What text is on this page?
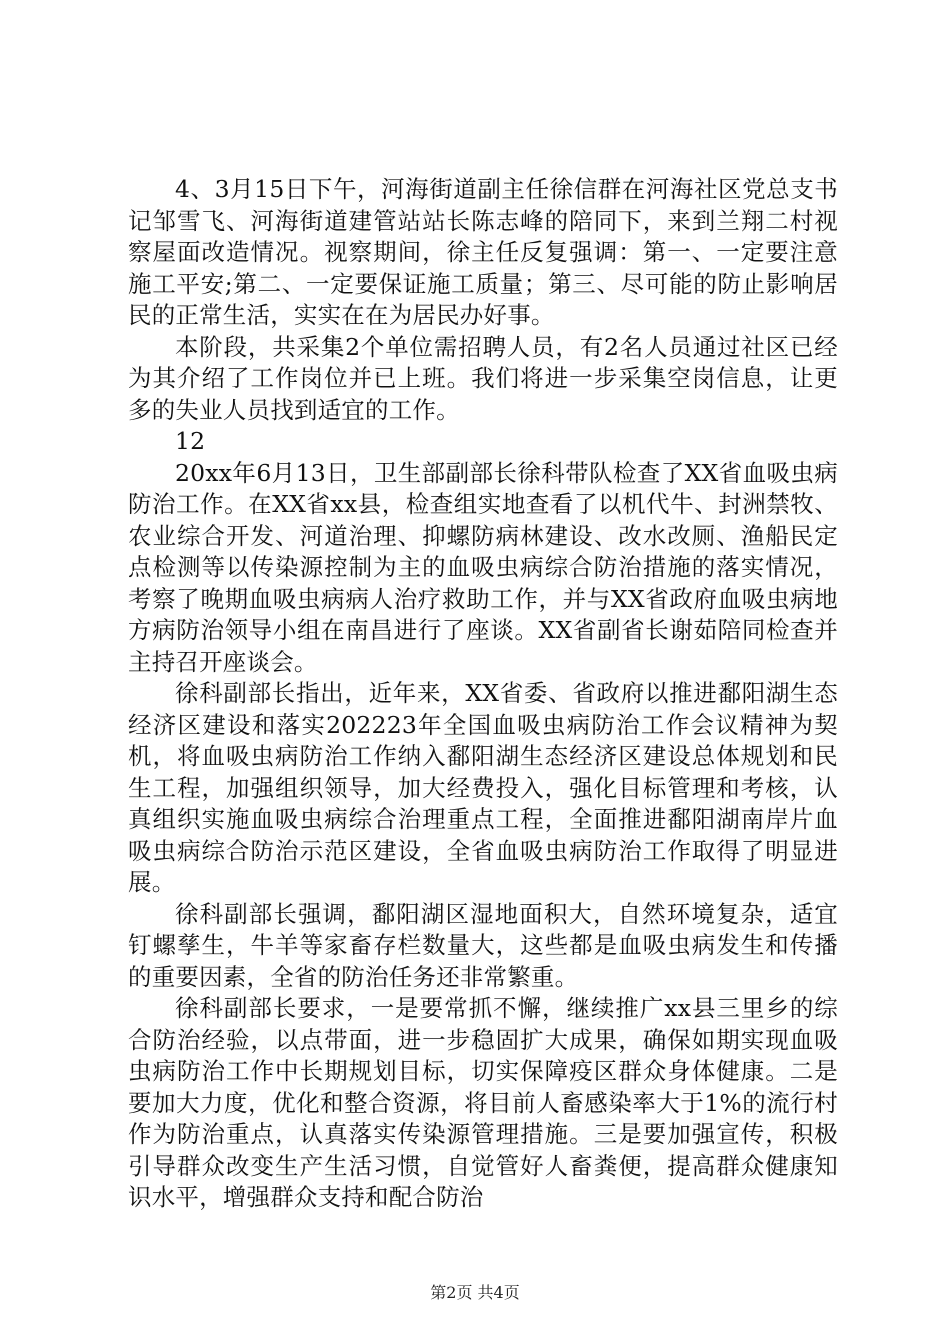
4、3月15日下午，河海街道副主任徐信群在河海社区党总支书记邹雪飞、河海街道建管站站长陈志峰的陪同下，来到兰翔二村视察屋面改造情况。视察期间，徐主任反复强调：第一、一定要注意施工平安;第二、一定要保证施工质量；第三、尽可能的防止影响居民的正常生活，实实在在为居民办好事。

本阶段，共采集2个单位需招聘人员，有2名人员通过社区已经为其介绍了工作岗位并已上班。我们将进一步采集空岗信息，让更多的失业人员找到适宜的工作。

12

20xx年6月13日，卫生部副部长徐科带队检查了XX省血吸虫病防治工作。在XX省xx县，检查组实地查看了以机代牛、封洲禁牧、农业综合开发、河道治理、抑螺防病林建设、改水改厕、渔船民定点检测等以传染源控制为主的血吸虫病综合防治措施的落实情况，考察了晚期血吸虫病病人治疗救助工作，并与XX省政府血吸虫病地方病防治领导小组在南昌进行了座谈。XX省副省长谢茹陪同检查并主持召开座谈会。

徐科副部长指出，近年来，XX省委、省政府以推进鄱阳湖生态经济区建设和落实202223年全国血吸虫病防治工作会议精神为契机，将血吸虫病防治工作纳入鄱阳湖生态经济区建设总体规划和民生工程，加强组织领导，加大经费投入，强化目标管理和考核，认真组织实施血吸虫病综合治理重点工程，全面推进鄱阳湖南岸片血吸虫病综合防治示范区建设，全省血吸虫病防治工作取得了明显进展。

徐科副部长强调，鄱阳湖区湿地面积大，自然环境复杂，适宜钉螺孳生，牛羊等家畜存栏数量大，这些都是血吸虫病发生和传播的重要因素，全省的防治任务还非常繁重。

徐科副部长要求，一是要常抓不懈，继续推广xx县三里乡的综合防治经验，以点带面，进一步稳固扩大成果，确保如期实现血吸虫病防治工作中长期规划目标，切实保障疫区群众身体健康。二是要加大力度，优化和整合资源，将目前人畜感染率大于1%的流行村作为防治重点，认真落实传染源管理措施。三是要加强宣传，积极引导群众改变生产生活习惯，自觉管好人畜粪便，提高群众健康知识水平，增强群众支持和配合防治

第2页 共4页
